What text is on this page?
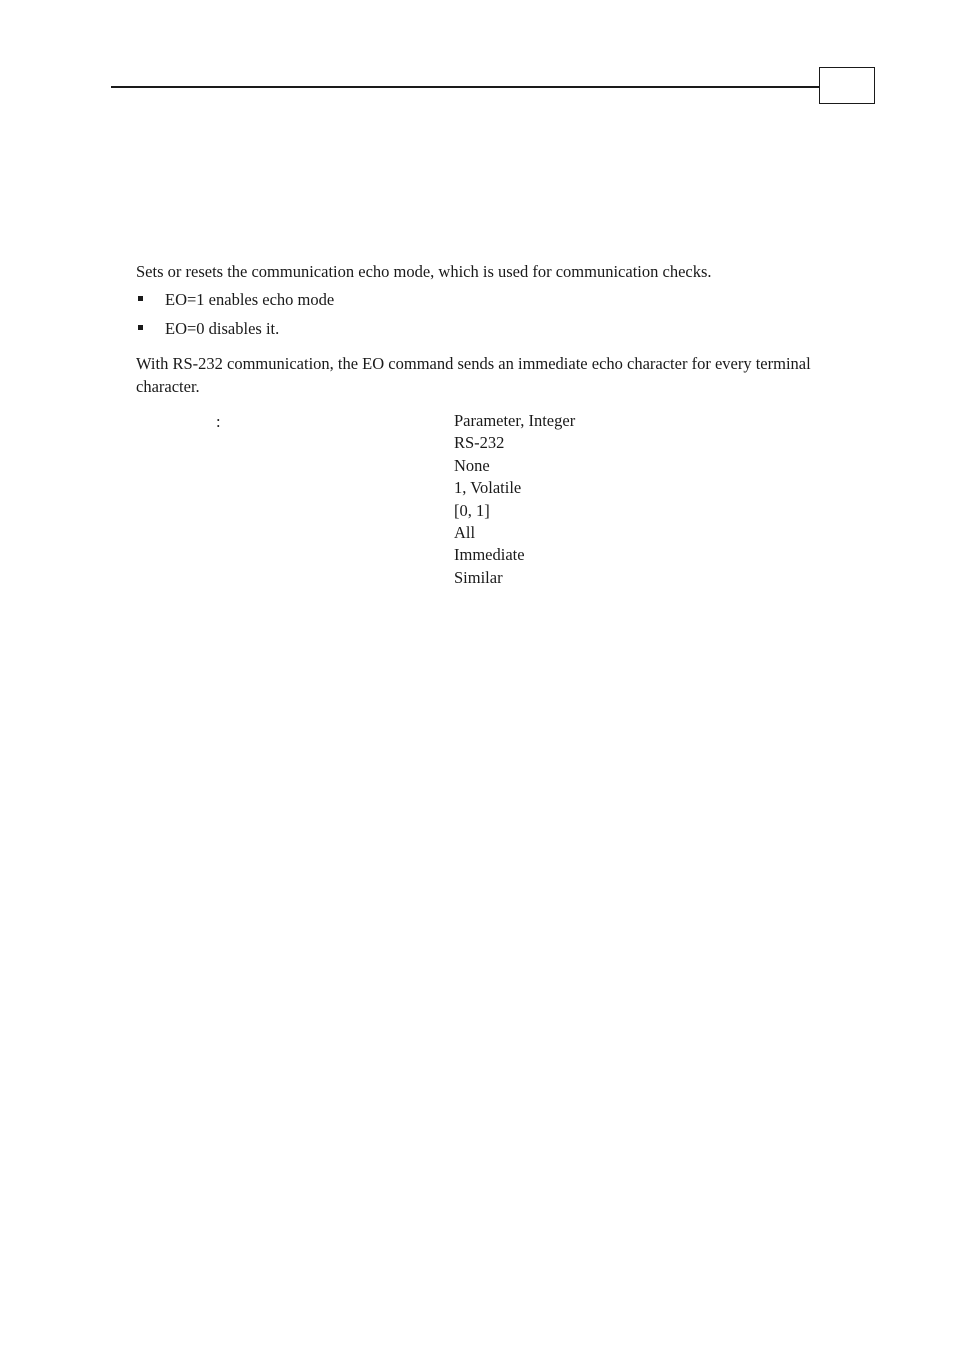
Sets or resets the communication echo mode, which is used for communication checks.

EO=1 enables echo mode
EO=0 disables it.

With RS-232 communication, the EO command sends an immediate echo character for every terminal character.

:	Parameter, Integer
RS-232
None
1, Volatile
[0, 1]
All
Immediate
Similar
